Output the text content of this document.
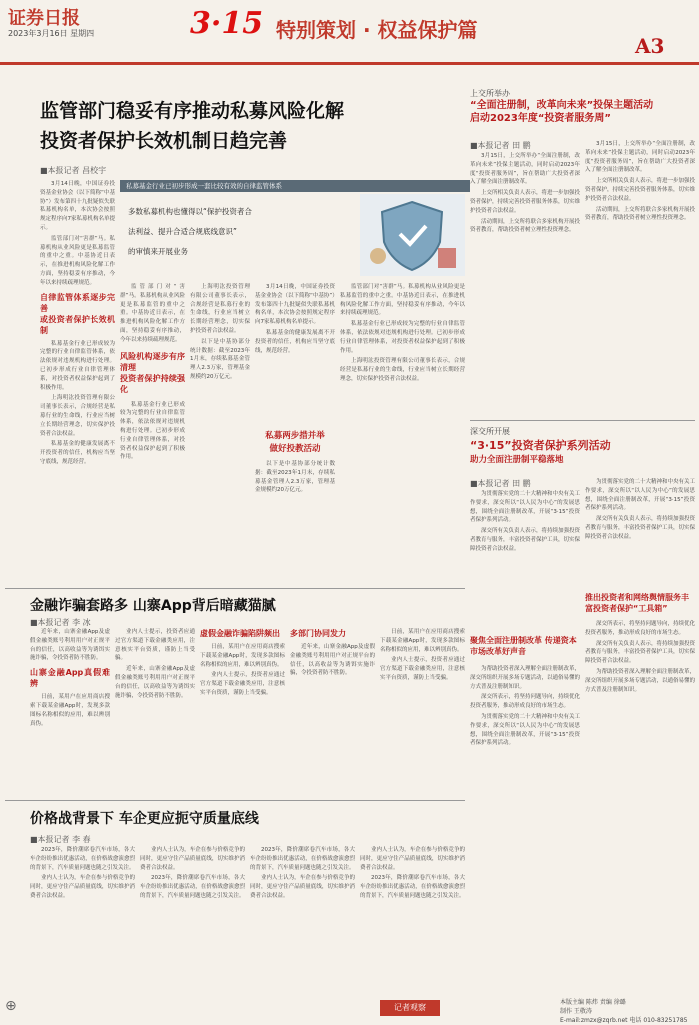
证券日报
2023年3月16日 星期四	3·15 特别策划 · 权益保护篇
A3
监管部门稳妥有序推动私募风险化解
投资者保护长效机制日趋完善
■本报记者 昌校宇

3月14日晚，中国证券投资基金业协会（以下简称“中基协”）发布第四十九批疑似失联私募机构名单，本次协会按照规定程序向7家私募机构名单提示。

监管部门对“害群”马。私募机构从业风险更是私募监管的重中之重。中基协近日表示，在推进机构风险化解工作方面，坚持稳妥有序推动，今年以来持续疏理规范。

自律监管体系逐步完善
或投资者保护长效机制

私募基金行业已形成较为完整的行业自律监管体系，依法依规对违规机构进行处理。已初步形成行业自律管理体系，对投资者权益保护起到了积极作用。

上海明汯投资管理有限公司董事长表示，合规经营是私募行业的生命线，行业应当树立长期经营理念，切实保护投资者合法权益。

私募基金的健康发展离不开投资者的信任，机构应当坚守底线，规范经营。

私募基金行业已初步形成一套比较有效的自律监管体系
多数私募机构也懂得以“保护投资者合
法利益、提升合适合规底线意识”
的审慎来开展业务

监管部门对“害群”马。私募机构从业风险更是私募监管的重中之重。中基协近日表示，在推进机构风险化解工作方面，坚持稳妥有序推动，今年以来持续疏理规范。

风险机构逐步有序清理
投资者保护持续强化

私募基金行业已形成较为完整的行业自律监管体系，依法依规对违规机构进行处理。已初步形成行业自律管理体系，对投资者权益保护起到了积极作用。

上海明汯投资管理有限公司董事长表示，合规经营是私募行业的生命线，行业应当树立长期经营理念，切实保护投资者合法权益。

以下是中基协部分统计数据：截至2023年1月末，存续私募基金管理人2.3万家，管理基金规模约20万亿元。

3月14日晚，中国证券投资基金业协会（以下简称“中基协”）发布第四十九批疑似失联私募机构名单，本次协会按照规定程序向7家私募机构名单提示。

私募基金的健康发展离不开投资者的信任，机构应当坚守底线，规范经营。

私募两步措并举
做好投教活动

以下是中基协部分统计数据：截至2023年1月末，存续私募基金管理人2.3万家，管理基金规模约20万亿元。

监管部门对“害群”马。私募机构从业风险更是私募监管的重中之重。中基协近日表示，在推进机构风险化解工作方面，坚持稳妥有序推动，今年以来持续疏理规范。

私募基金行业已形成较为完整的行业自律监管体系，依法依规对违规机构进行处理。已初步形成行业自律管理体系，对投资者权益保护起到了积极作用。

上海明汯投资管理有限公司董事长表示，合规经营是私募行业的生命线，行业应当树立长期经营理念，切实保护投资者合法权益。

上交所举办
“全面注册制，改革向未来”投保主题活动
启动2023年度“投资者服务周”
■本报记者 田 鹏

3月15日，上交所举办“全面注册制，改革向未来”投保主题活动，同时启动2023年度“投资者服务周”，旨在帮助广大投资者深入了解全面注册制改革。

上交所相关负责人表示，将进一步加强投资者保护，持续完善投资者服务体系，切实维护投资者合法权益。

活动期间，上交所将联合多家机构开展投资者教育，帮助投资者树立理性投资理念。

3月15日，上交所举办“全面注册制，改革向未来”投保主题活动，同时启动2023年度“投资者服务周”，旨在帮助广大投资者深入了解全面注册制改革。

上交所相关负责人表示，将进一步加强投资者保护，持续完善投资者服务体系，切实维护投资者合法权益。

活动期间，上交所将联合多家机构开展投资者教育，帮助投资者树立理性投资理念。

深交所开展
“3·15”投资者保护系列活动
助力全面注册制平稳落地
■本报记者 田 鹏

为贯彻落实党的二十大精神和中央有关工作要求，深交所以“以人民为中心”的发展思想，围绕全面注册制改革，开展“3·15”投资者保护系列活动。

深交所有关负责人表示，将持续加强投资者教育与服务，丰富投资者保护工具，切实保障投资者合法权益。

为贯彻落实党的二十大精神和中央有关工作要求，深交所以“以人民为中心”的发展思想，围绕全面注册制改革，开展“3·15”投资者保护系列活动。

深交所有关负责人表示，将持续加强投资者教育与服务，丰富投资者保护工具，切实保障投资者合法权益。

推出投资者和网络舆情服务丰富投资者保护“工具箱”
聚焦全面注册制改革 传递资本市场改革好声音

为帮助投资者深入理解全面注册制改革，深交所组织开展多场专题活动，以通俗易懂的方式普及注册制知识。

深交所表示，将坚持问题导向，持续优化投资者服务，推动形成良好的市场生态。

为贯彻落实党的二十大精神和中央有关工作要求，深交所以“以人民为中心”的发展思想，围绕全面注册制改革，开展“3·15”投资者保护系列活动。

深交所表示，将坚持问题导向，持续优化投资者服务，推动形成良好的市场生态。

深交所有关负责人表示，将持续加强投资者教育与服务，丰富投资者保护工具，切实保障投资者合法权益。

为帮助投资者深入理解全面注册制改革，深交所组织开展多场专题活动，以通俗易懂的方式普及注册制知识。

金融诈骗套路多 山寨App背后暗藏猫腻
■本报记者 李 冰

近年来，山寨金融App及虚假金融类账号利用用户对正规平台的信任，以高收益等为诱饵实施诈骗，令投资者防不胜防。

山寨金融App真假难辨

日前，某用户在应用商店搜索下载某金融App时，发现多款图标名称相似的应用，难以辨别真伪。

业内人士提示，投资者应通过官方渠道下载金融类应用，注意核实平台资质，谨防上当受骗。

近年来，山寨金融App及虚假金融类账号利用用户对正规平台的信任，以高收益等为诱饵实施诈骗，令投资者防不胜防。

虚假金融诈骗陷阱频出

日前，某用户在应用商店搜索下载某金融App时，发现多款图标名称相似的应用，难以辨别真伪。

业内人士提示，投资者应通过官方渠道下载金融类应用，注意核实平台资质，谨防上当受骗。

多部门协同发力

近年来，山寨金融App及虚假金融类账号利用用户对正规平台的信任，以高收益等为诱饵实施诈骗，令投资者防不胜防。

日前，某用户在应用商店搜索下载某金融App时，发现多款图标名称相似的应用，难以辨别真伪。

业内人士提示，投资者应通过官方渠道下载金融类应用，注意核实平台资质，谨防上当受骗。

价格战背景下 车企更应扼守质量底线
■本报记者 李 春

2023年，降价潮席卷汽车市场，各大车企纷纷推出优惠活动，在价格战愈演愈烈的背景下，汽车质量问题也随之引发关注。

业内人士认为，车企在参与价格竞争的同时，更应守住产品质量底线，切实维护消费者合法权益。

业内人士认为，车企在参与价格竞争的同时，更应守住产品质量底线，切实维护消费者合法权益。

2023年，降价潮席卷汽车市场，各大车企纷纷推出优惠活动，在价格战愈演愈烈的背景下，汽车质量问题也随之引发关注。

2023年，降价潮席卷汽车市场，各大车企纷纷推出优惠活动，在价格战愈演愈烈的背景下，汽车质量问题也随之引发关注。

业内人士认为，车企在参与价格竞争的同时，更应守住产品质量底线，切实维护消费者合法权益。

业内人士认为，车企在参与价格竞争的同时，更应守住产品质量底线，切实维护消费者合法权益。

2023年，降价潮席卷汽车市场，各大车企纷纷推出优惠活动，在价格战愈演愈烈的背景下，汽车质量问题也随之引发关注。

⊕	记者观察
本版主编 陈炜 责编 徐璐
制作 王敬涛
E-mail:zmzx@zqrb.net 电话 010-83251785
